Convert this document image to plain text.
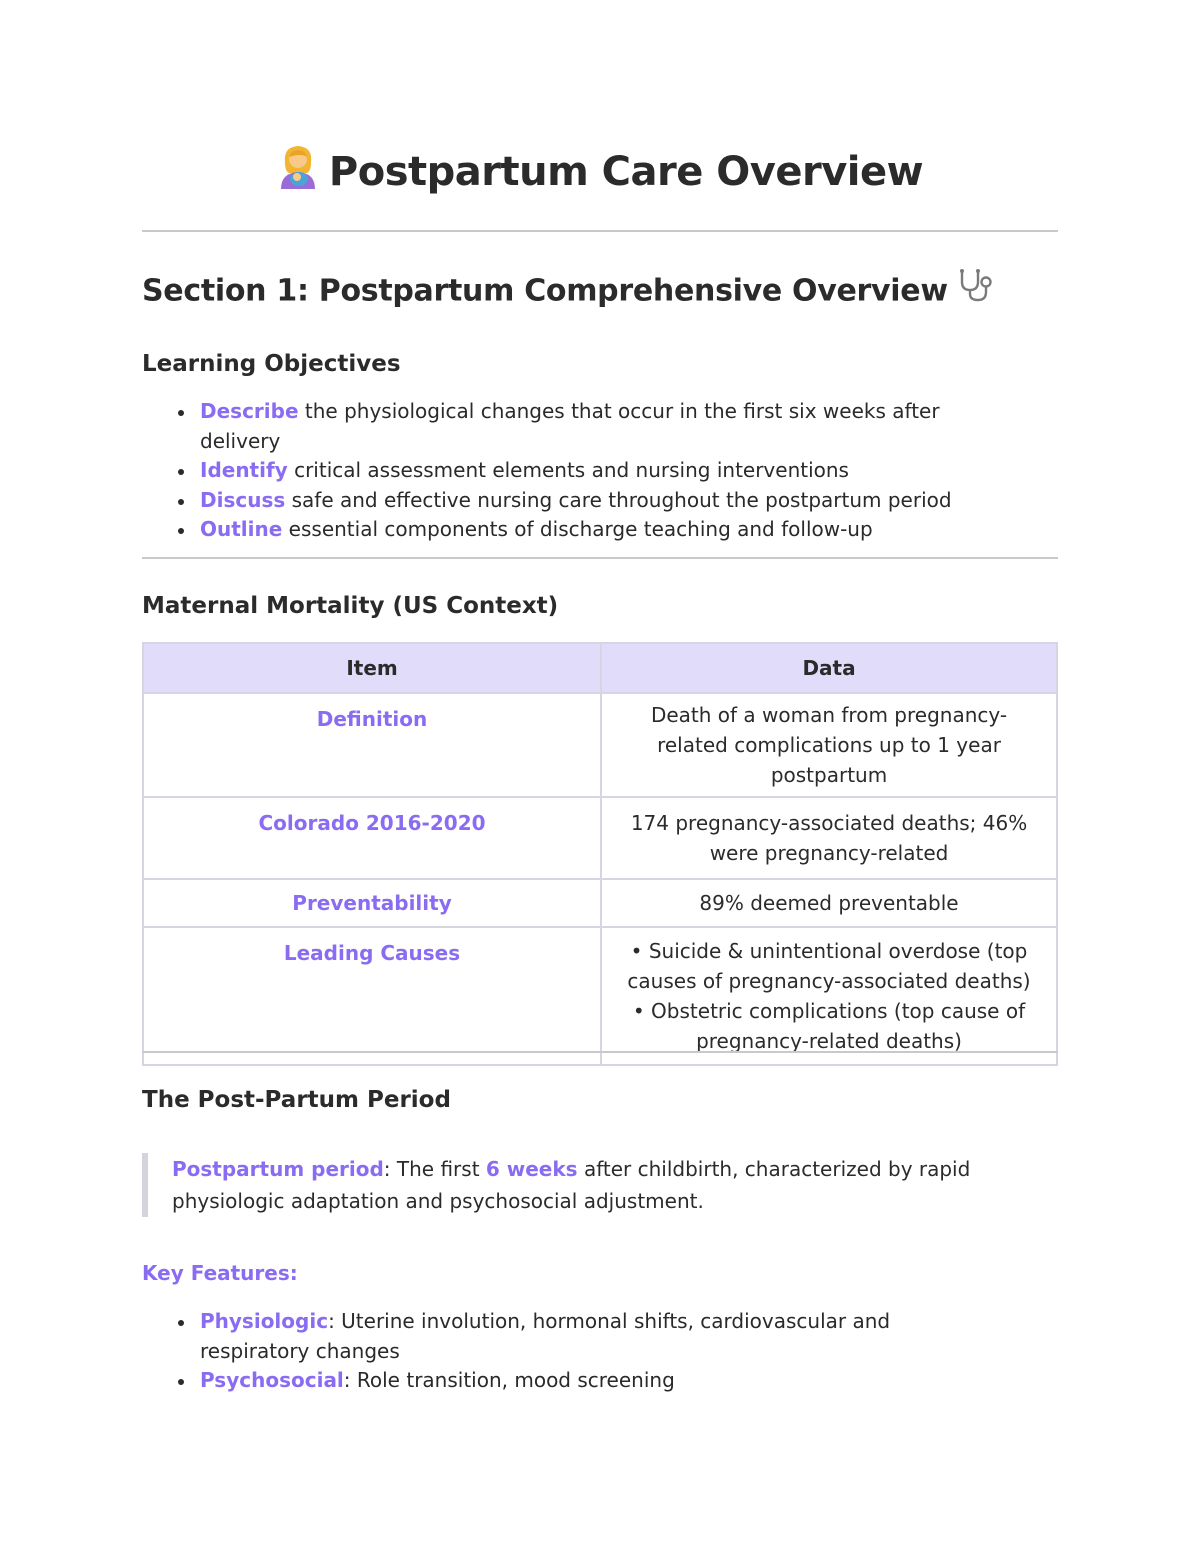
Postpartum Care Overview
Section 1: Postpartum Comprehensive Overview
Learning Objectives
Describe the physiological changes that occur in the first six weeks after delivery
Identify critical assessment elements and nursing interventions
Discuss safe and effective nursing care throughout the postpartum period
Outline essential components of discharge teaching and follow-up
Maternal Mortality (US Context)
Item	Data
Definition	Death of a woman from pregnancy-related complications up to 1 year postpartum

Colorado 2016-2020	174 pregnancy-associated deaths; 46% were pregnancy-related

Preventability	89% deemed preventable

Leading Causes	• Suicide & unintentional overdose (top causes of pregnancy-associated deaths)
• Obstetric complications (top cause of pregnancy-related deaths)
The Post-Partum Period
Postpartum period: The first 6 weeks after childbirth, characterized by rapid physiologic adaptation and psychosocial adjustment.
Key Features:
Physiologic: Uterine involution, hormonal shifts, cardiovascular and respiratory changes
Psychosocial: Role transition, mood screening
